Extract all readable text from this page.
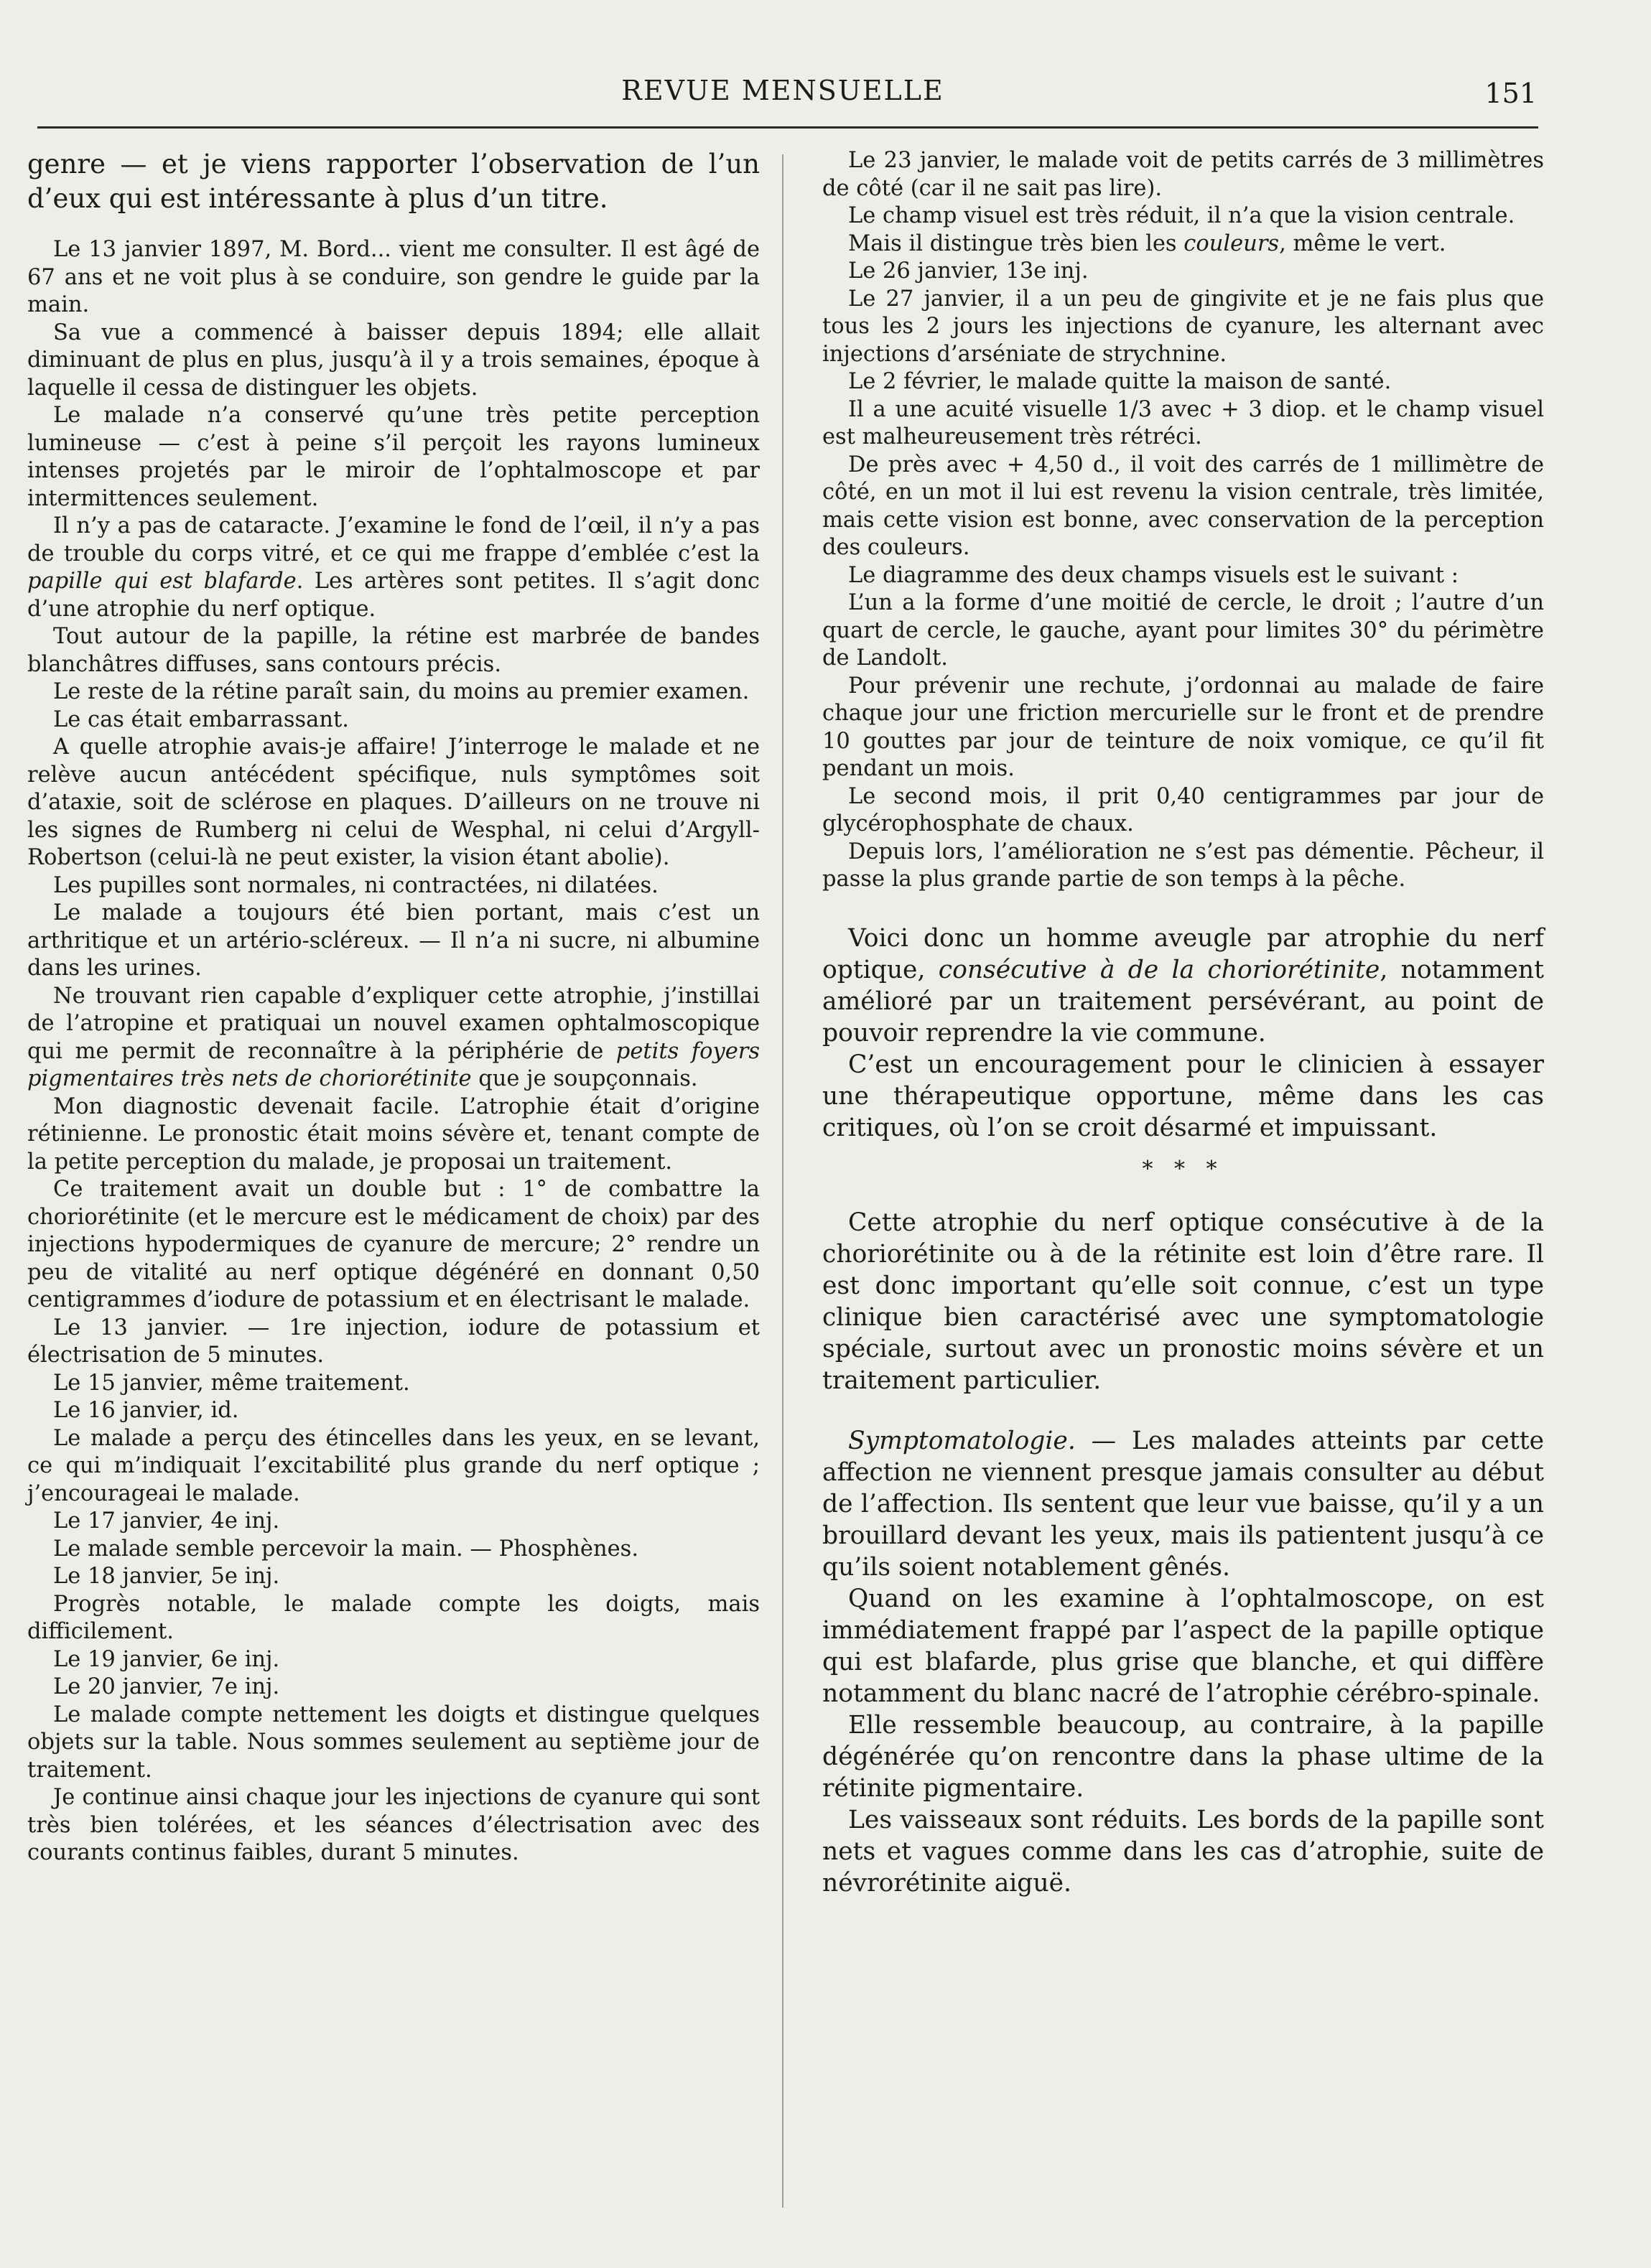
REVUE MENSUELLE	151

genre — et je viens rapporter l’observation de l’un d’eux qui est intéressante à plus d’un titre.

Le 13 janvier 1897, M. Bord... vient me consulter. Il est âgé de 67 ans et ne voit plus à se conduire, son gendre le guide par la main.

Sa vue a commencé à baisser depuis 1894; elle allait diminuant de plus en plus, jusqu’à il y a trois semaines, époque à laquelle il cessa de distinguer les objets.

Le malade n’a conservé qu’une très petite perception lumineuse — c’est à peine s’il perçoit les rayons lumineux intenses projetés par le miroir de l’ophtalmoscope et par intermittences seulement.

Il n’y a pas de cataracte. J’examine le fond de l’œil, il n’y a pas de trouble du corps vitré, et ce qui me frappe d’emblée c’est la papille qui est blafarde. Les artères sont petites. Il s’agit donc d’une atrophie du nerf optique.

Tout autour de la papille, la rétine est marbrée de bandes blanchâtres diffuses, sans contours précis.

Le reste de la rétine paraît sain, du moins au premier examen.

Le cas était embarrassant.

A quelle atrophie avais-je affaire! J’interroge le malade et ne relève aucun antécédent spécifique, nuls symptômes soit d’ataxie, soit de sclérose en plaques. D’ailleurs on ne trouve ni les signes de Rumberg ni celui de Wesphal, ni celui d’Argyll-Robertson (celui-là ne peut exister, la vision étant abolie).

Les pupilles sont normales, ni contractées, ni dilatées.

Le malade a toujours été bien portant, mais c’est un arthritique et un artério-scléreux. — Il n’a ni sucre, ni albumine dans les urines.

Ne trouvant rien capable d’expliquer cette atrophie, j’instillai de l’atropine et pratiquai un nouvel examen ophtalmoscopique qui me permit de reconnaître à la périphérie de petits foyers pigmentaires très nets de choriorétinite que je soupçonnais.

Mon diagnostic devenait facile. L’atrophie était d’origine rétinienne. Le pronostic était moins sévère et, tenant compte de la petite perception du malade, je proposai un traitement.

Ce traitement avait un double but : 1° de combattre la choriorétinite (et le mercure est le médicament de choix) par des injections hypodermiques de cyanure de mercure; 2° rendre un peu de vitalité au nerf optique dégénéré en donnant 0,50 centigrammes d’iodure de potassium et en électrisant le malade.

Le 13 janvier. — 1re injection, iodure de potassium et électrisation de 5 minutes.

Le 15 janvier, même traitement.

Le 16 janvier, id.

Le malade a perçu des étincelles dans les yeux, en se levant, ce qui m’indiquait l’excitabilité plus grande du nerf optique ; j’encourageai le malade.

Le 17 janvier, 4e inj.

Le malade semble percevoir la main. — Phosphènes.

Le 18 janvier, 5e inj.

Progrès notable, le malade compte les doigts, mais difficilement.

Le 19 janvier, 6e inj.

Le 20 janvier, 7e inj.

Le malade compte nettement les doigts et distingue quelques objets sur la table. Nous sommes seulement au septième jour de traitement.

Je continue ainsi chaque jour les injections de cyanure qui sont très bien tolérées, et les séances d’électrisation avec des courants continus faibles, durant 5 minutes.

Le 23 janvier, le malade voit de petits carrés de 3 millimètres de côté (car il ne sait pas lire).

Le champ visuel est très réduit, il n’a que la vision centrale.

Mais il distingue très bien les couleurs, même le vert.

Le 26 janvier, 13e inj.

Le 27 janvier, il a un peu de gingivite et je ne fais plus que tous les 2 jours les injections de cyanure, les alternant avec injections d’arséniate de strychnine.

Le 2 février, le malade quitte la maison de santé.

Il a une acuité visuelle 1/3 avec + 3 diop. et le champ visuel est malheureusement très rétréci.

De près avec + 4,50 d., il voit des carrés de 1 millimètre de côté, en un mot il lui est revenu la vision centrale, très limitée, mais cette vision est bonne, avec conservation de la perception des couleurs.

Le diagramme des deux champs visuels est le suivant :

L’un a la forme d’une moitié de cercle, le droit ; l’autre d’un quart de cercle, le gauche, ayant pour limites 30° du périmètre de Landolt.

Pour prévenir une rechute, j’ordonnai au malade de faire chaque jour une friction mercurielle sur le front et de prendre 10 gouttes par jour de teinture de noix vomique, ce qu’il fit pendant un mois.

Le second mois, il prit 0,40 centigrammes par jour de glycérophosphate de chaux.

Depuis lors, l’amélioration ne s’est pas démentie. Pêcheur, il passe la plus grande partie de son temps à la pêche.

Voici donc un homme aveugle par atrophie du nerf optique, consécutive à de la choriorétinite, notamment amélioré par un traitement persévérant, au point de pouvoir reprendre la vie commune.

C’est un encouragement pour le clinicien à essayer une thérapeutique opportune, même dans les cas critiques, où l’on se croit désarmé et impuissant.

* * *

Cette atrophie du nerf optique consécutive à de la choriorétinite ou à de la rétinite est loin d’être rare. Il est donc important qu’elle soit connue, c’est un type clinique bien caractérisé avec une symptomatologie spéciale, surtout avec un pronostic moins sévère et un traitement particulier.

Symptomatologie. — Les malades atteints par cette affection ne viennent presque jamais consulter au début de l’affection. Ils sentent que leur vue baisse, qu’il y a un brouillard devant les yeux, mais ils patientent jusqu’à ce qu’ils soient notablement gênés.

Quand on les examine à l’ophtalmoscope, on est immédiatement frappé par l’aspect de la papille optique qui est blafarde, plus grise que blanche, et qui diffère notamment du blanc nacré de l’atrophie cérébro-spinale.

Elle ressemble beaucoup, au contraire, à la papille dégénérée qu’on rencontre dans la phase ultime de la rétinite pigmentaire.

Les vaisseaux sont réduits. Les bords de la papille sont nets et vagues comme dans les cas d’atrophie, suite de névrorétinite aiguë.
